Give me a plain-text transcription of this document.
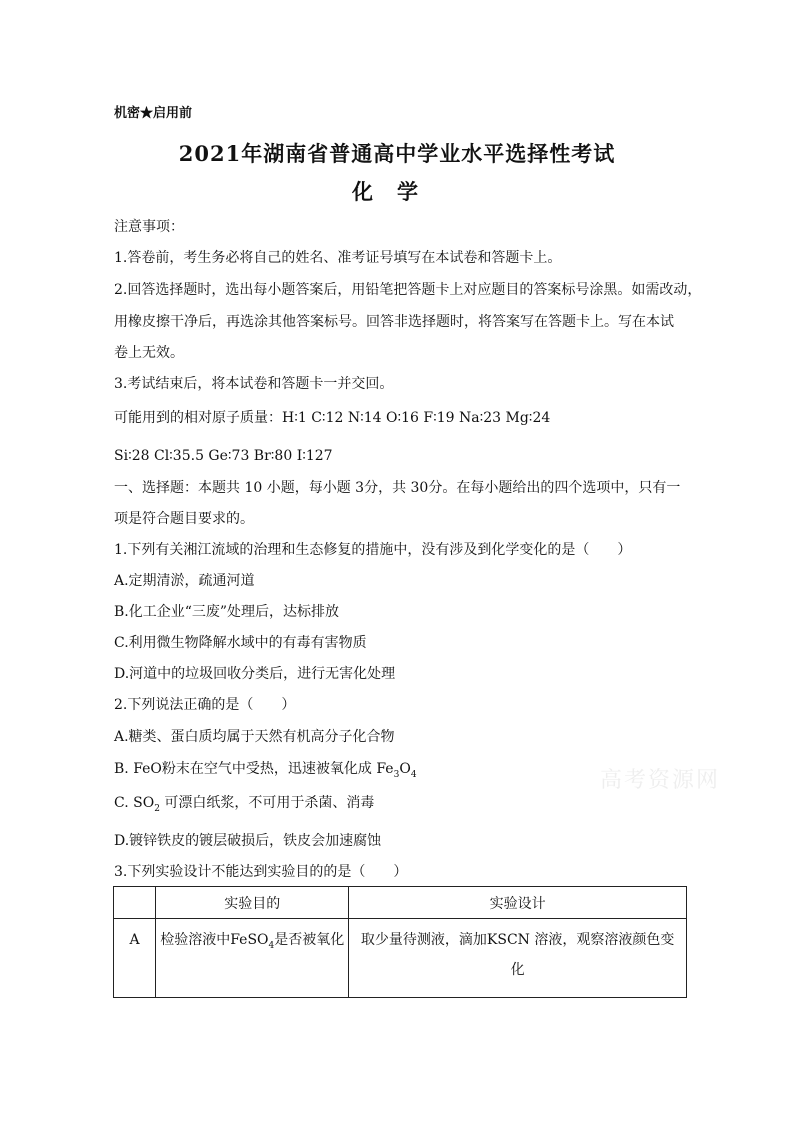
机密★启用前
2021年湖南省普通高中学业水平选择性考试
化学
注意事项：
1.答卷前，考生务必将自己的姓名、准考证号填写在本试卷和答题卡上。
2.回答选择题时，选出每小题答案后，用铅笔把答题卡上对应题目的答案标号涂黑。如需改动，
用橡皮擦干净后，再选涂其他答案标号。回答非选择题时，将答案写在答题卡上。写在本试
卷上无效。
3.考试结束后，将本试卷和答题卡一并交回。
可能用到的相对原子质量：H∶1 C∶12 N∶14 O∶16 F∶19 Na∶23 Mg∶24
Si∶28 Cl∶35.5 Ge∶73 Br∶80 I∶127
一、选择题：本题共 10 小题，每小题 3分，共 30分。在每小题给出的四个选项中，只有一
项是符合题目要求的。
1.下列有关湘江流域的治理和生态修复的措施中，没有涉及到化学变化的是（　　）
A.定期清淤，疏通河道
B.化工企业“三废”处理后，达标排放
C.利用微生物降解水域中的有毒有害物质
D.河道中的垃圾回收分类后，进行无害化处理
2.下列说法正确的是（　　）
A.糖类、蛋白质均属于天然有机高分子化合物
B. FeO粉末在空气中受热，迅速被氧化成 $Fe_3O_4$
C. $SO_2$ 可漂白纸浆，不可用于杀菌、消毒
D.镀锌铁皮的镀层破损后，铁皮会加速腐蚀
3.下列实验设计不能达到实验目的的是（　　）
	实验目的	实验设计
A	检验溶液中FeSO$_4$是否被氧化	取少量待测液，滴加KSCN 溶液，观察溶液颜色变化
高考资源网
